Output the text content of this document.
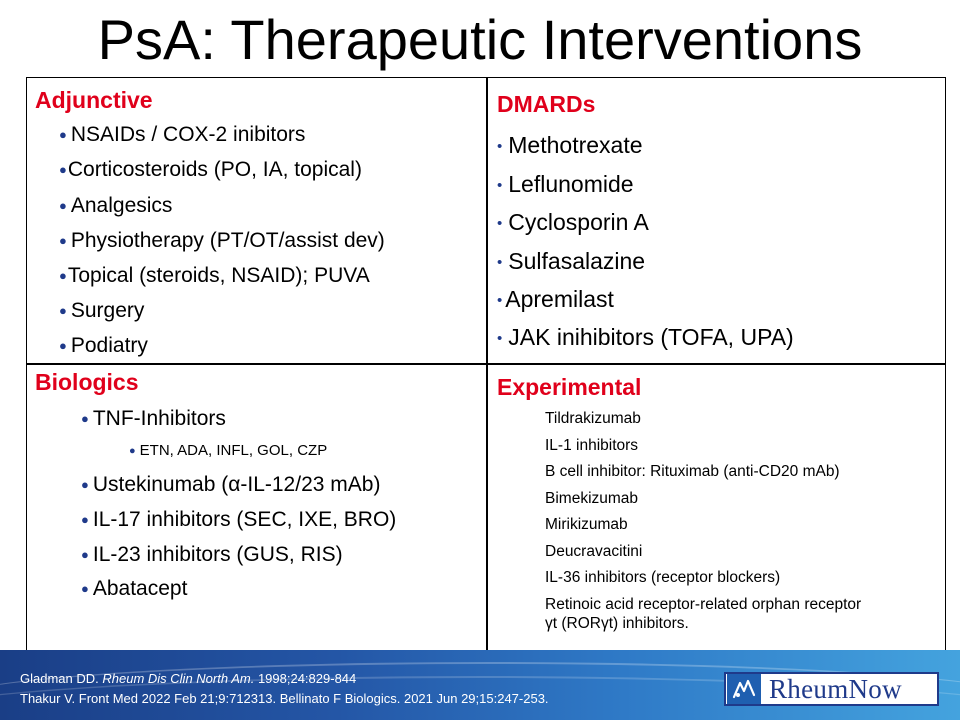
PsA: Therapeutic Interventions
Adjunctive
● NSAIDs / COX-2 inibitors
●Corticosteroids (PO, IA, topical)
● Analgesics
● Physiotherapy (PT/OT/assist dev)
●Topical (steroids, NSAID); PUVA
● Surgery
● Podiatry
DMARDs
• Methotrexate
• Leflunomide
• Cyclosporin A
• Sulfasalazine
• Apremilast
• JAK inihibitors (TOFA, UPA)
Biologics
● TNF-Inhibitors
● ETN, ADA, INFL, GOL, CZP
● Ustekinumab (α-IL-12/23 mAb)
● IL-17 inhibitors (SEC, IXE, BRO)
● IL-23 inhibitors (GUS, RIS)
● Abatacept
Experimental
Tildrakizumab
IL-1 inhibitors
B cell inhibitor: Rituximab (anti-CD20 mAb)
Bimekizumab
Mirikizumab
Deucravacitini
IL-36 inhibitors (receptor blockers)
Retinoic acid receptor-related orphan receptor
γt (RORγt) inhibitors.
Gladman DD. Rheum Dis Clin North Am. 1998;24:829-844
Thakur V. Front Med 2022 Feb 21;9:712313. Bellinato F Biologics. 2021 Jun 29;15:247-253.	RheumNow
